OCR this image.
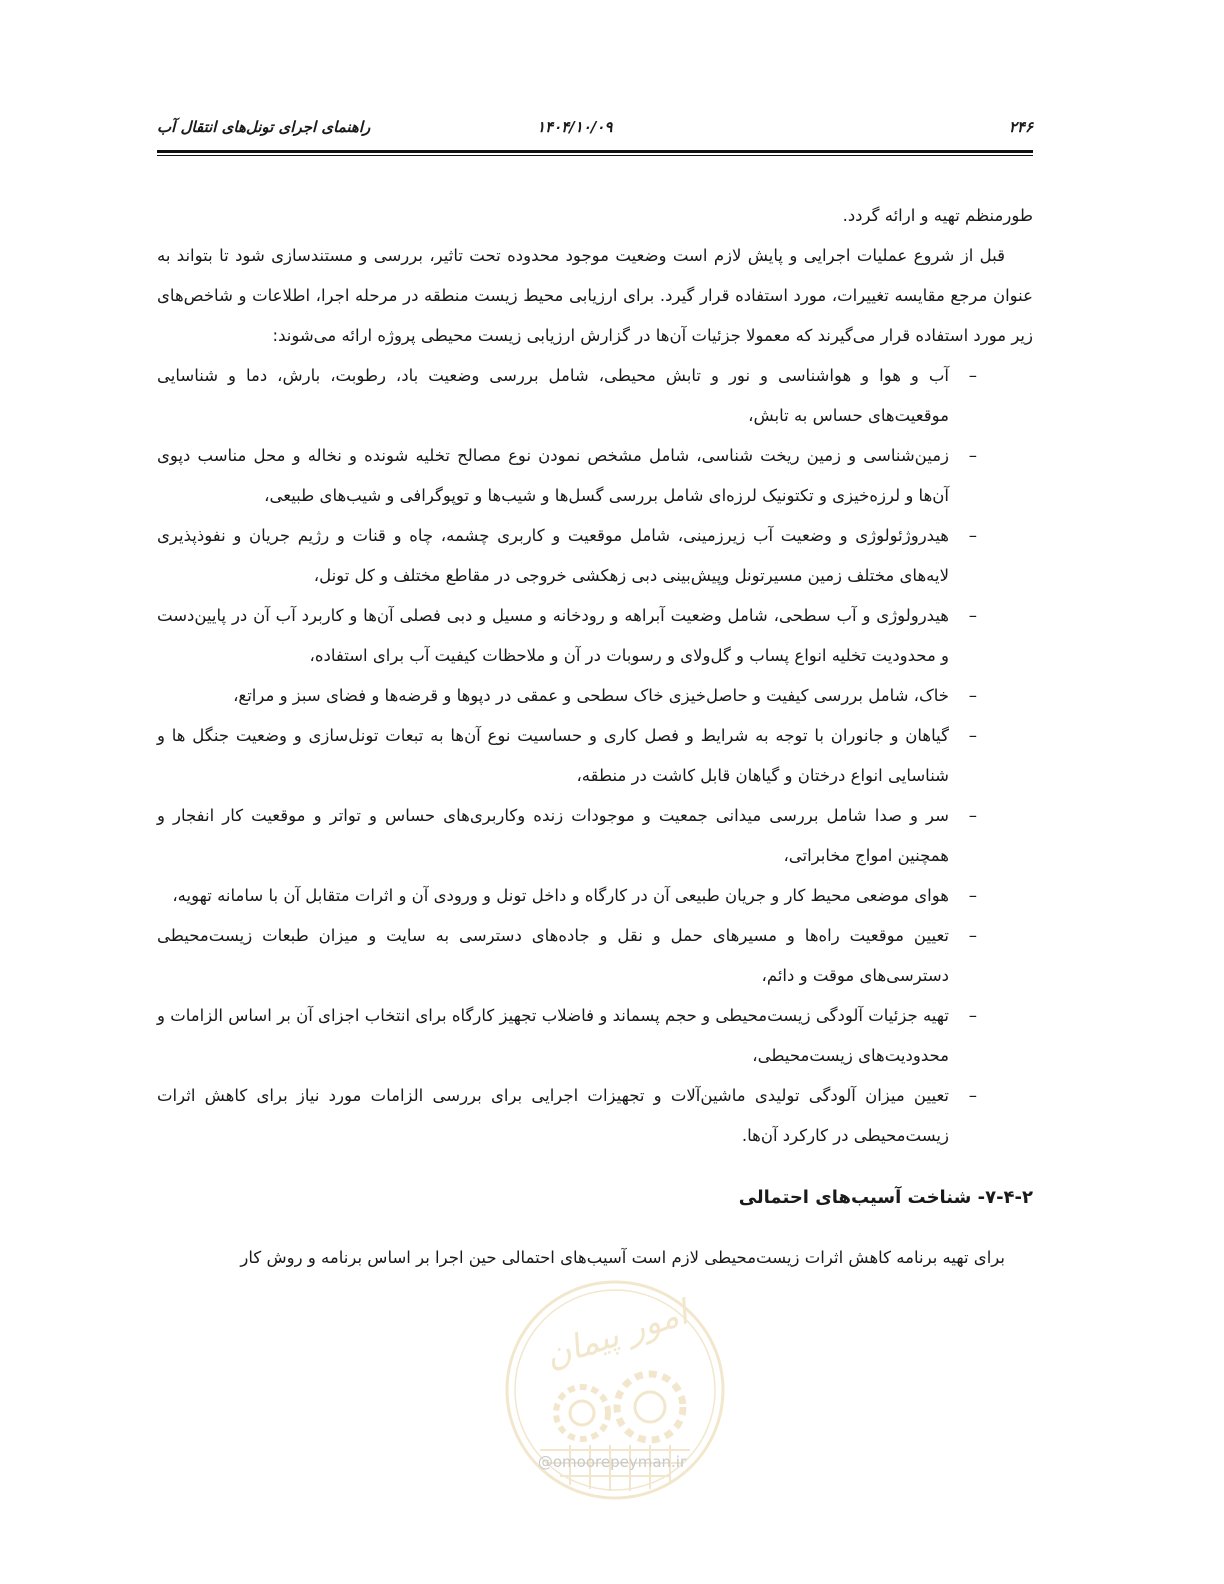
۲۴۶
۱۴۰۴/۱۰/۰۹
راهنمای اجرای تونل‌های انتقال آب

طورمنظم تهیه و ارائه گردد.

قبل از شروع عملیات اجرایی و پایش لازم است وضعیت موجود محدوده تحت تاثیر، بررسی و مستندسازی شود تا بتواند به عنوان مرجع مقایسه تغییرات، مورد استفاده قرار گیرد. برای ارزیابی محیط زیست منطقه در مرحله اجرا، اطلاعات و شاخص‌های زیر مورد استفاده قرار می‌گیرند که معمولا جزئیات آن‌ها در گزارش ارزیابی زیست محیطی پروژه ارائه می‌شوند:

–
آب و هوا و هواشناسی و نور و تابش محیطی، شامل بررسی وضعیت باد، رطوبت، بارش، دما و شناسایی موقعیت‌های حساس به تابش،
–
زمین‌شناسی و زمین ریخت شناسی، شامل مشخص نمودن نوع مصالح تخلیه شونده و نخاله و محل مناسب دپوی آن‌ها و لرزه‌خیزی و تکتونیک لرزه‌ای شامل بررسی گسل‌ها و شیب‌ها و توپوگرافی و شیب‌های طبیعی،
–
هیدروژئولوژی و وضعیت آب زیرزمینی، شامل موقعیت و کاربری چشمه، چاه و قنات و رژیم جریان و نفوذپذیری لایه‌های مختلف زمین مسیرتونل وپیش‌بینی دبی زهکشی خروجی در مقاطع مختلف و کل تونل،
–
هیدرولوژی و آب سطحی، شامل وضعیت آبراهه و رودخانه و مسیل و دبی فصلی آن‌ها و کاربرد آب آن در پایین‌دست و محدودیت تخلیه انواع پساب و گل‌ولای و رسوبات در آن و ملاحظات کیفیت آب برای استفاده،
–
خاک، شامل بررسی کیفیت و حاصل‌خیزی خاک سطحی و عمقی در دپوها و قرضه‌ها و فضای سبز و مراتع،
–
گیاهان و جانوران با توجه به شرایط و فصل کاری و حساسیت نوع آن‌ها به تبعات تونل‌سازی و وضعیت جنگل ها و شناسایی انواع درختان و گیاهان قابل کاشت در منطقه،
–
سر و صدا شامل بررسی میدانی جمعیت و موجودات زنده وکاربری‌های حساس و تواتر و موقعیت کار انفجار و همچنین امواج مخابراتی،
–
هوای موضعی محیط کار و جریان طبیعی آن در کارگاه و داخل تونل و ورودی آن و اثرات متقابل آن با سامانه تهویه،
–
تعیین موقعیت راه‌ها و مسیرهای حمل و نقل و جاده‌های دسترسی به سایت و میزان طبعات زیست‌محیطی دسترسی‌های موقت و دائم،
–
تهیه جزئیات آلودگی زیست‌محیطی و حجم پسماند و فاضلاب تجهیز کارگاه برای انتخاب اجزای آن بر اساس الزامات و محدودیت‌های زیست‌محیطی،
–
تعیین میزان آلودگی تولیدی ماشین‌آلات و تجهیزات اجرایی برای بررسی الزامات مورد نیاز برای کاهش اثرات زیست‌محیطی در کارکرد آن‌ها.
۷-۴-۲- شناخت آسیب‌های احتمالی

برای تهیه برنامه کاهش اثرات زیست‌محیطی لازم است آسیب‌های احتمالی حین اجرا بر اساس برنامه و روش کار

امور پیمان
@omoorepeyman.ir
